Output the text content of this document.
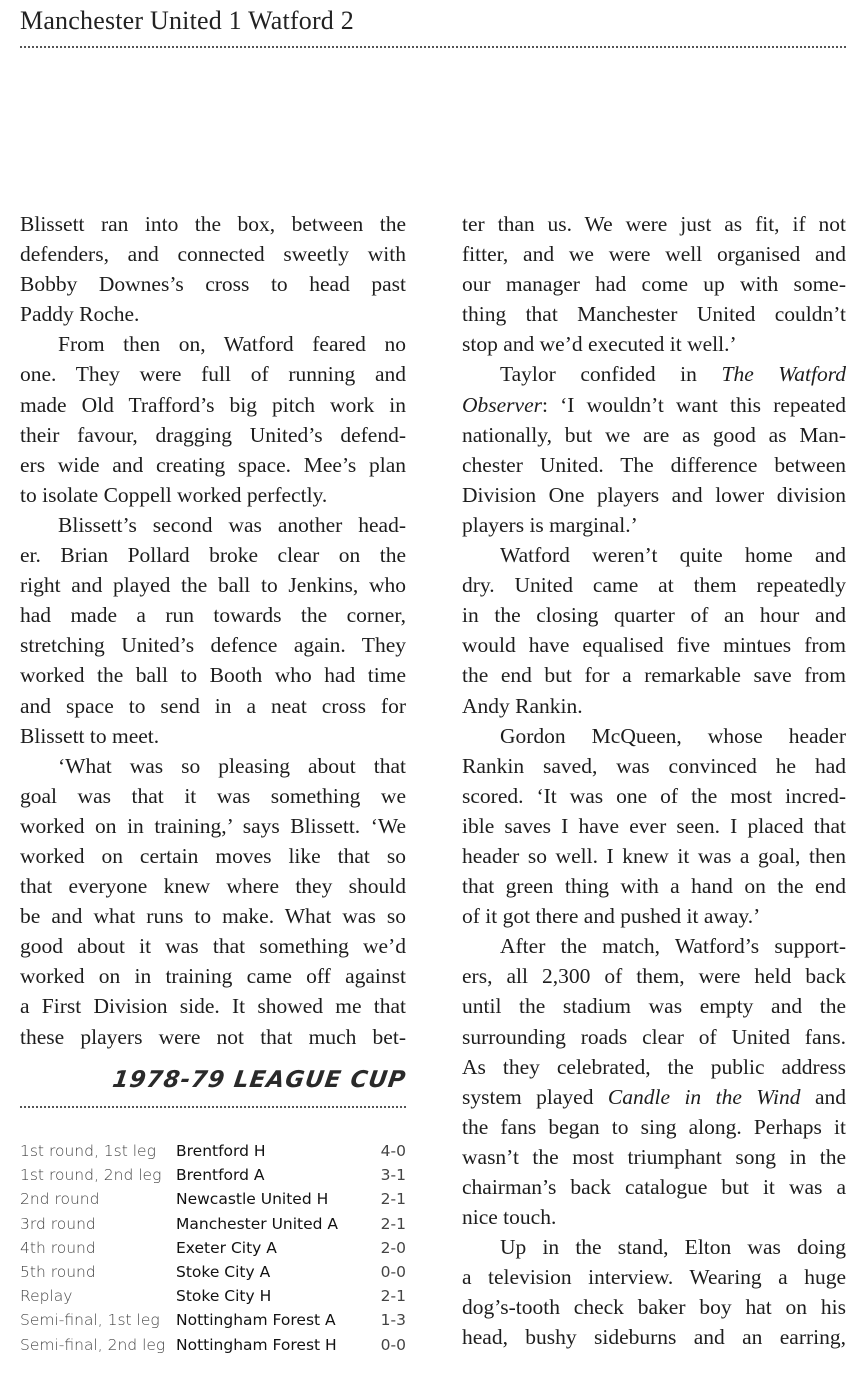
Manchester United 1 Watford 2
Blissett ran into the box, between the
defenders, and connected sweetly with
Bobby Downes’s cross to head past
Paddy Roche.
From then on, Watford feared no
one. They were full of running and
made Old Trafford’s big pitch work in
their favour, dragging United’s defend-
ers wide and creating space. Mee’s plan
to isolate Coppell worked perfectly.
Blissett’s second was another head-
er. Brian Pollard broke clear on the
right and played the ball to Jenkins, who
had made a run towards the corner,
stretching United’s defence again. They
worked the ball to Booth who had time
and space to send in a neat cross for
Blissett to meet.
‘What was so pleasing about that
goal was that it was something we
worked on in training,’ says Blissett. ‘We
worked on certain moves like that so
that everyone knew where they should
be and what runs to make. What was so
good about it was that something we’d
worked on in training came off against
a First Division side. It showed me that
these players were not that much bet-
ter than us. We were just as fit, if not
fitter, and we were well organised and
our manager had come up with some-
thing that Manchester United couldn’t
stop and we’d executed it well.’
Taylor confided in The Watford
Observer: ‘I wouldn’t want this repeated
nationally, but we are as good as Man-
chester United. The difference between
Division One players and lower division
players is marginal.’
Watford weren’t quite home and
dry. United came at them repeatedly
in the closing quarter of an hour and
would have equalised five mintues from
the end but for a remarkable save from
Andy Rankin.
Gordon McQueen, whose header
Rankin saved, was convinced he had
scored. ‘It was one of the most incred-
ible saves I have ever seen. I placed that
header so well. I knew it was a goal, then
that green thing with a hand on the end
of it got there and pushed it away.’
After the match, Watford’s support-
ers, all 2,300 of them, were held back
until the stadium was empty and the
surrounding roads clear of United fans.
As they celebrated, the public address
system played Candle in the Wind and
the fans began to sing along. Perhaps it
wasn’t the most triumphant song in the
chairman’s back catalogue but it was a
nice touch.
Up in the stand, Elton was doing
a television interview. Wearing a huge
dog’s-tooth check baker boy hat on his
head, bushy sideburns and an earring,
1978-79 LEAGUE CUP
1st round, 1st leg	Brentford H	4-0
1st round, 2nd leg Brentford A	3-1
2nd round	Newcastle United H	2-1
3rd round	Manchester United A	2-1
4th round	Exeter City A	2-0
5th round	Stoke City A	0-0
Replay	Stoke City H	2-1
Semi-final, 1st leg	Nottingham Forest A	1-3
Semi-final, 2nd leg Nottingham Forest H	0-0
